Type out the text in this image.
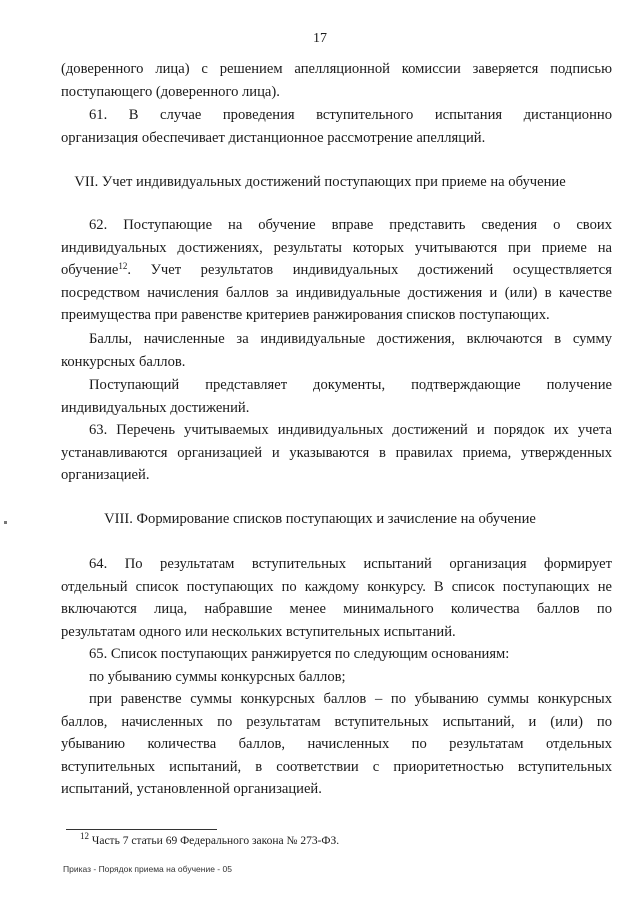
17
(доверенного лица) с решением апелляционной комиссии заверяется подписью
поступающего (доверенного лица).
61. В случае проведения вступительного испытания дистанционно
организация обеспечивает дистанционное рассмотрение апелляций.
VII. Учет индивидуальных достижений поступающих при приеме на обучение
62. Поступающие на обучение вправе представить сведения о своих
индивидуальных достижениях, результаты которых учитываются при приеме на
обучение$^{12}$. Учет результатов индивидуальных достижений осуществляется
посредством начисления баллов за индивидуальные достижения и (или) в качестве
преимущества при равенстве критериев ранжирования списков поступающих.
Баллы, начисленные за индивидуальные достижения, включаются в сумму
конкурсных баллов.
Поступающий представляет документы, подтверждающие получение
индивидуальных достижений.
63. Перечень учитываемых индивидуальных достижений и порядок их учета
устанавливаются организацией и указываются в правилах приема, утвержденных
организацией.
VIII. Формирование списков поступающих и зачисление на обучение
64. По результатам вступительных испытаний организация формирует
отдельный список поступающих по каждому конкурсу. В список поступающих не
включаются лица, набравшие менее минимального количества баллов по
результатам одного или нескольких вступительных испытаний.
65. Список поступающих ранжируется по следующим основаниям:
по убыванию суммы конкурсных баллов;
при равенстве суммы конкурсных баллов – по убыванию суммы конкурсных
баллов, начисленных по результатам вступительных испытаний, и (или) по
убыванию количества баллов, начисленных по результатам отдельных
вступительных испытаний, в соответствии с приоритетностью вступительных
испытаний, установленной организацией.
$^{12}$ Часть 7 статьи 69 Федерального закона № 273-ФЗ.
Приказ - Порядок приема на обучение - 05
